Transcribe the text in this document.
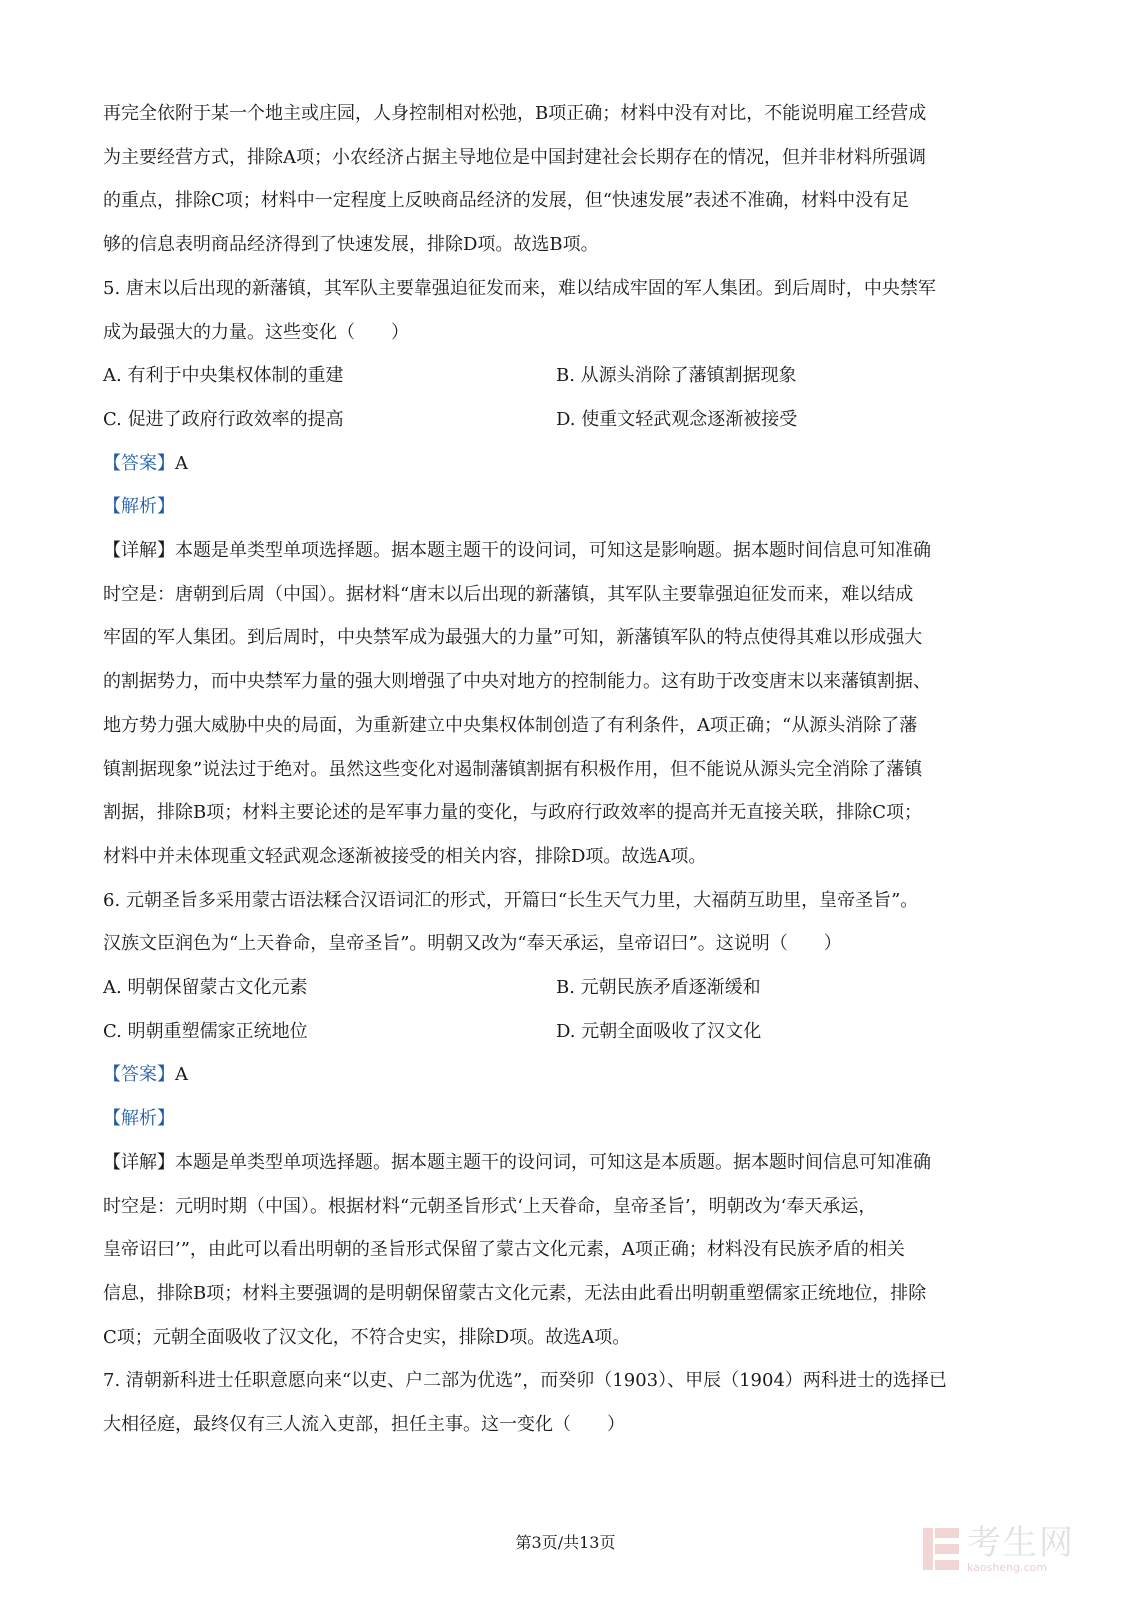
再完全依附于某一个地主或庄园，人身控制相对松弛，B项正确；材料中没有对比，不能说明雇工经营成

为主要经营方式，排除A项；小农经济占据主导地位是中国封建社会长期存在的情况，但并非材料所强调

的重点，排除C项；材料中一定程度上反映商品经济的发展，但“快速发展”表述不准确，材料中没有足

够的信息表明商品经济得到了快速发展，排除D项。故选B项。

5. 唐末以后出现的新藩镇，其军队主要靠强迫征发而来，难以结成牢固的军人集团。到后周时，中央禁军

成为最强大的力量。这些变化（　　）

A. 有利于中央集权体制的重建	B. 从源头消除了藩镇割据现象
C. 促进了政府行政效率的提高	D. 使重文轻武观念逐渐被接受

【答案】A

【解析】

【详解】本题是单类型单项选择题。据本题主题干的设问词，可知这是影响题。据本题时间信息可知准确

时空是：唐朝到后周（中国）。据材料“唐末以后出现的新藩镇，其军队主要靠强迫征发而来，难以结成

牢固的军人集团。到后周时，中央禁军成为最强大的力量”可知，新藩镇军队的特点使得其难以形成强大

的割据势力，而中央禁军力量的强大则增强了中央对地方的控制能力。这有助于改变唐末以来藩镇割据、

地方势力强大威胁中央的局面，为重新建立中央集权体制创造了有利条件，A项正确；“从源头消除了藩

镇割据现象”说法过于绝对。虽然这些变化对遏制藩镇割据有积极作用，但不能说从源头完全消除了藩镇

割据，排除B项；材料主要论述的是军事力量的变化，与政府行政效率的提高并无直接关联，排除C项；

材料中并未体现重文轻武观念逐渐被接受的相关内容，排除D项。故选A项。

6. 元朝圣旨多采用蒙古语法糅合汉语词汇的形式，开篇曰“长生天气力里，大福荫互助里，皇帝圣旨”。

汉族文臣润色为“上天眷命，皇帝圣旨”。明朝又改为“奉天承运，皇帝诏曰”。这说明（　　）

A. 明朝保留蒙古文化元素	B. 元朝民族矛盾逐渐缓和
C. 明朝重塑儒家正统地位	D. 元朝全面吸收了汉文化

【答案】A

【解析】

【详解】本题是单类型单项选择题。据本题主题干的设问词，可知这是本质题。据本题时间信息可知准确

时空是：元明时期（中国）。根据材料“元朝圣旨形式‘上天眷命，皇帝圣旨’，明朝改为‘奉天承运，

皇帝诏曰’”，由此可以看出明朝的圣旨形式保留了蒙古文化元素，A项正确；材料没有民族矛盾的相关

信息，排除B项；材料主要强调的是明朝保留蒙古文化元素，无法由此看出明朝重塑儒家正统地位，排除

C项；元朝全面吸收了汉文化，不符合史实，排除D项。故选A项。

7. 清朝新科进士任职意愿向来“以吏、户二部为优选”，而癸卯（1903）、甲辰（1904）两科进士的选择已

大相径庭，最终仅有三人流入吏部，担任主事。这一变化（　　）

第3页/共13页	考生网
kaosheng.com
